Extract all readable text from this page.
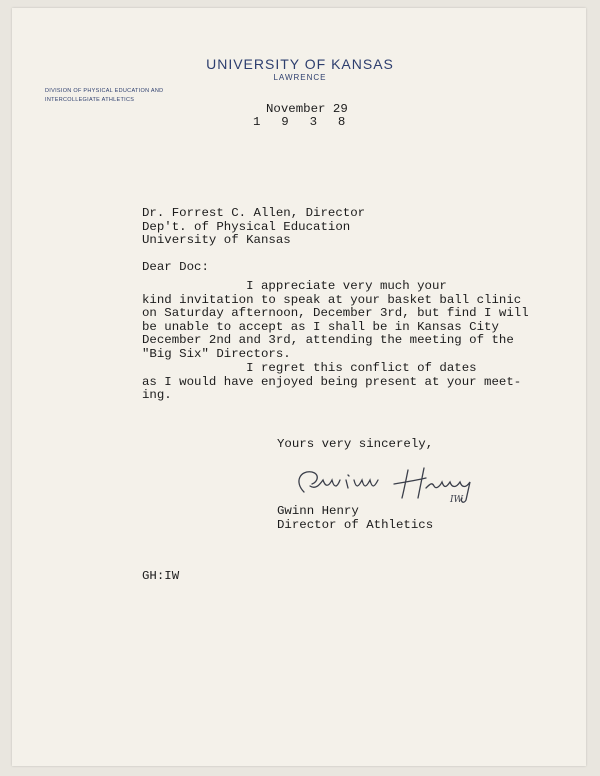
UNIVERSITY OF KANSAS
LAWRENCE
DIVISION OF PHYSICAL EDUCATION AND
INTERCOLLEGIATE ATHLETICS
November 29
1  9  3  8
Dr. Forrest C. Allen, Director
Dep't. of Physical Education
University of Kansas
Dear Doc:
I appreciate very much your
kind invitation to speak at your basket ball clinic
on Saturday afternoon, December 3rd, but find I will
be unable to accept as I shall be in Kansas City
December 2nd and 3rd, attending the meeting of the
"Big Six" Directors.
I regret this conflict of dates
as I would have enjoyed being present at your meet-
ing.
Yours very sincerely,
IW
Gwinn Henry
Gwinn Henry
Director of Athletics
GH:IW
